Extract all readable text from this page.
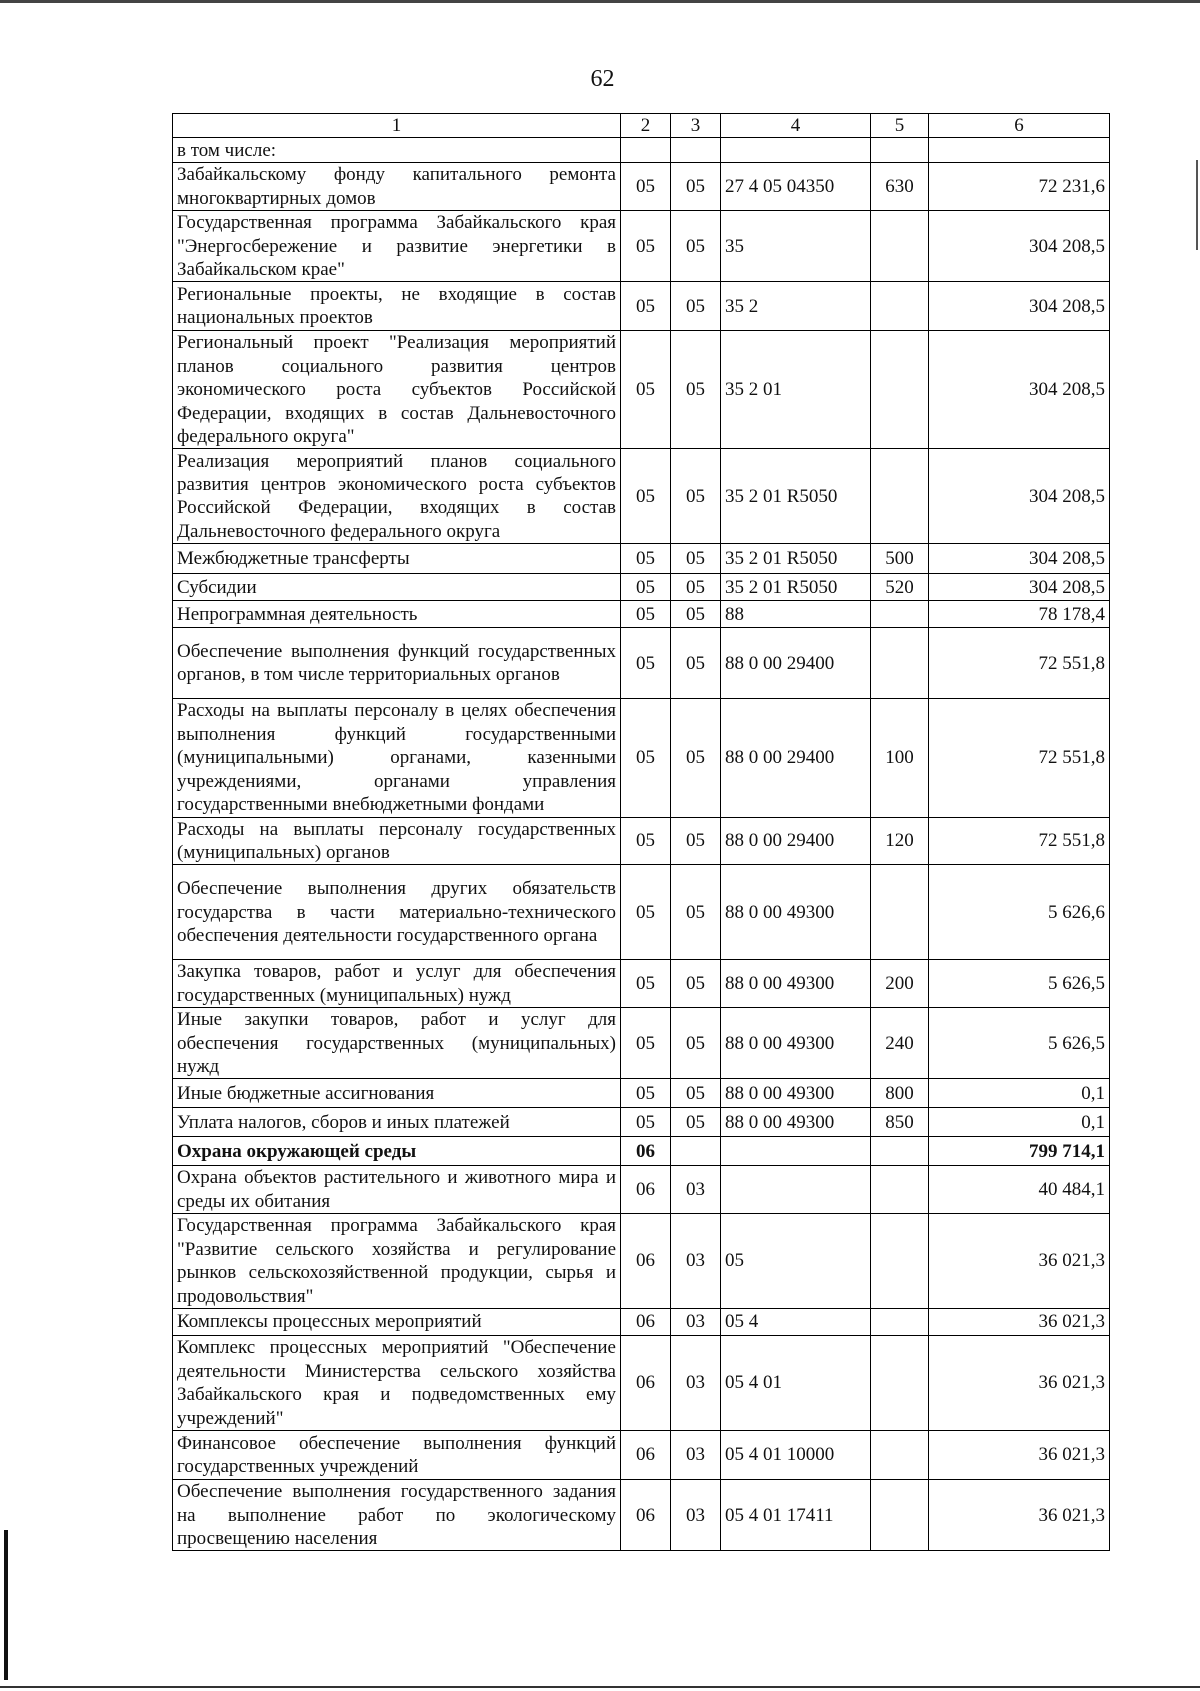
62
1	2	3	4	5	6
в том числе:					
Забайкальскому фонду капитального ремонта многоквартирных домов	05	05	27 4 05 04350	630	72 231,6
Государственная программа Забайкальского края "Энергосбережение и развитие энергетики в Забайкальском крае"	05	05	35		304 208,5
Региональные проекты, не входящие в состав национальных проектов	05	05	35 2		304 208,5
Региональный проект "Реализация мероприятий планов социального развития центров экономического роста субъектов Российской Федерации, входящих в состав Дальневосточного федерального округа"	05	05	35 2 01		304 208,5
Реализация мероприятий планов социального развития центров экономического роста субъектов Российской Федерации, входящих в состав Дальневосточного федерального округа	05	05	35 2 01 R5050		304 208,5
Межбюджетные трансферты	05	05	35 2 01 R5050	500	304 208,5
Субсидии	05	05	35 2 01 R5050	520	304 208,5
Непрограммная деятельность	05	05	88		78 178,4
Обеспечение выполнения функций государственных органов, в том числе территориальных органов	05	05	88 0 00 29400		72 551,8
Расходы на выплаты персоналу в целях обеспечения выполнения функций государственными (муниципальными) органами, казенными учреждениями, органами управления государственными внебюджетными фондами	05	05	88 0 00 29400	100	72 551,8
Расходы на выплаты персоналу государственных (муниципальных) органов	05	05	88 0 00 29400	120	72 551,8
Обеспечение выполнения других обязательств государства в части материально-технического обеспечения деятельности государственного органа	05	05	88 0 00 49300		5 626,6
Закупка товаров, работ и услуг для обеспечения государственных (муниципальных) нужд	05	05	88 0 00 49300	200	5 626,5
Иные закупки товаров, работ и услуг для обеспечения государственных (муниципальных) нужд	05	05	88 0 00 49300	240	5 626,5
Иные бюджетные ассигнования	05	05	88 0 00 49300	800	0,1
Уплата налогов, сборов и иных платежей	05	05	88 0 00 49300	850	0,1
Охрана окружающей среды	06				799 714,1
Охрана объектов растительного и животного мира и среды их обитания	06	03			40 484,1
Государственная программа Забайкальского края "Развитие сельского хозяйства и регулирование рынков сельскохозяйственной продукции, сырья и продовольствия"	06	03	05		36 021,3
Комплексы процессных мероприятий	06	03	05 4		36 021,3
Комплекс процессных мероприятий "Обеспечение деятельности Министерства сельского хозяйства Забайкальского края и подведомственных ему учреждений"	06	03	05 4 01		36 021,3
Финансовое обеспечение выполнения функций государственных учреждений	06	03	05 4 01 10000		36 021,3
Обеспечение выполнения государственного задания на выполнение работ по экологическому просвещению населения	06	03	05 4 01 17411		36 021,3
